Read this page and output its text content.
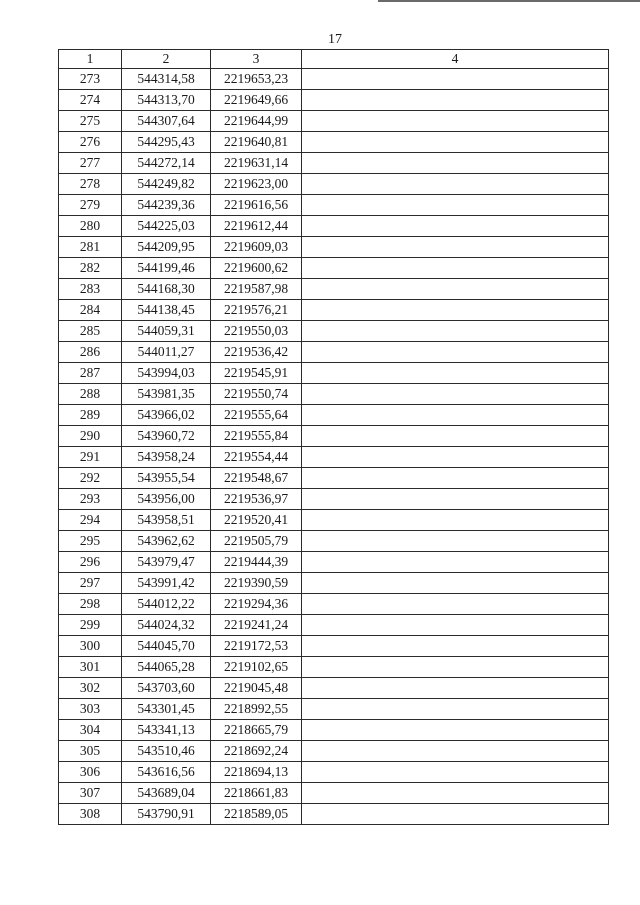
17
1	2	3	4
273	544314,58	2219653,23	
274	544313,70	2219649,66	
275	544307,64	2219644,99	
276	544295,43	2219640,81	
277	544272,14	2219631,14	
278	544249,82	2219623,00	
279	544239,36	2219616,56	
280	544225,03	2219612,44	
281	544209,95	2219609,03	
282	544199,46	2219600,62	
283	544168,30	2219587,98	
284	544138,45	2219576,21	
285	544059,31	2219550,03	
286	544011,27	2219536,42	
287	543994,03	2219545,91	
288	543981,35	2219550,74	
289	543966,02	2219555,64	
290	543960,72	2219555,84	
291	543958,24	2219554,44	
292	543955,54	2219548,67	
293	543956,00	2219536,97	
294	543958,51	2219520,41	
295	543962,62	2219505,79	
296	543979,47	2219444,39	
297	543991,42	2219390,59	
298	544012,22	2219294,36	
299	544024,32	2219241,24	
300	544045,70	2219172,53	
301	544065,28	2219102,65	
302	543703,60	2219045,48	
303	543301,45	2218992,55	
304	543341,13	2218665,79	
305	543510,46	2218692,24	
306	543616,56	2218694,13	
307	543689,04	2218661,83	
308	543790,91	2218589,05	
